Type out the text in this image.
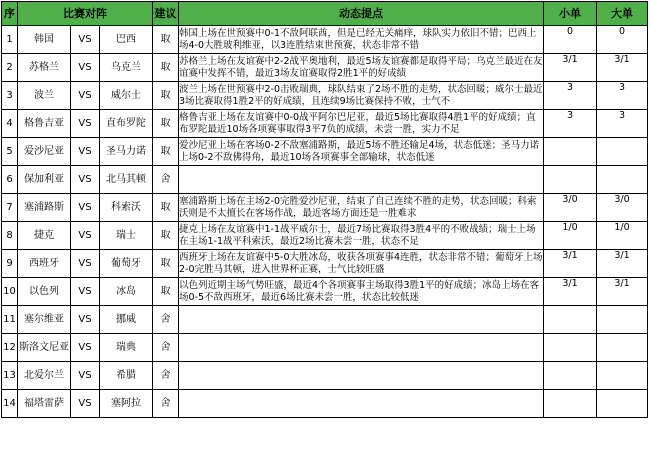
序	比赛对阵			建议	动态提点	小单	大单
1	韩国	VS	巴西	取	韩国上场在世预赛中0-1不敌阿联酋，但是已经无关痛痒，球队实力依旧不错；巴西上场4-0大胜玻利维亚，以3连胜结束世预赛，状态非常不错	0	0
2	苏格兰	VS	乌克兰	取	苏格兰上场在友谊赛中2-2战平奥地利，最近5场友谊赛都是取得平局；乌克兰最近在友谊赛中发挥不错，最近3场友谊赛取得2胜1平的好成绩	3/1	3/1
3	波兰	VS	威尔士	取	波兰上场在世预赛中2-0击败瑞典，球队结束了2场不胜的走势，状态回暖；威尔士最近3场比赛取得1胜2平的好成绩，且连续9场比赛保持不败，士气不	3	3
4	格鲁吉亚	VS	直布罗陀	取	格鲁吉亚上场在友谊赛中0-0战平阿尔巴尼亚，最近5场比赛取得4胜1平的好成绩；直布罗陀最近10场各项赛事取得3平7负的成绩，未尝一胜，实力不足	3	3
5	爱沙尼亚	VS	圣马力诺	取	爱沙尼亚上场在客场0-2不敌塞浦路斯，最近5场不胜还输足4场，状态低迷；圣马力诺上场0-2不敌佛得角，最近10场各项赛事全部输球，状态低迷		
6	保加利亚	VS	北马其顿	舍			
7	塞浦路斯	VS	科索沃	取	塞浦路斯上场在主场2-0完胜爱沙尼亚，结束了自己连续不胜的走势，状态回暖；科索沃则是不太擅长在客场作战，最近客场方面还是一胜难求	3/0	3/0
8	捷克	VS	瑞士	取	捷克上场在友谊赛中1-1战平威尔士，最近7场比赛取得3胜4平的不败战绩；瑞士上场在主场1-1战平科索沃，最近2场比赛未尝一胜，状态不足	1/0	1/0
9	西班牙	VS	葡萄牙	取	西班牙上场在友谊赛中5-0大胜冰岛，收获各项赛事4连胜，状态非常不错；葡萄牙上场2-0完胜马其顿，进入世界杯正赛，士气比较旺盛	3/1	3/1
10	以色列	VS	冰岛	取	以色列近期主场气势旺盛，最近4个各项赛事主场取得3胜1平的好成绩；冰岛上场在客场0-5不敌西班牙，最近6场比赛未尝一胜，状态比较低迷	3/1	3/1
11	塞尔维亚	VS	挪威	舍			
12	斯洛文尼亚	VS	瑞典	舍			
13	北爱尔兰	VS	希腊	舍			
14	福塔雷萨	VS	塞阿拉	舍			
